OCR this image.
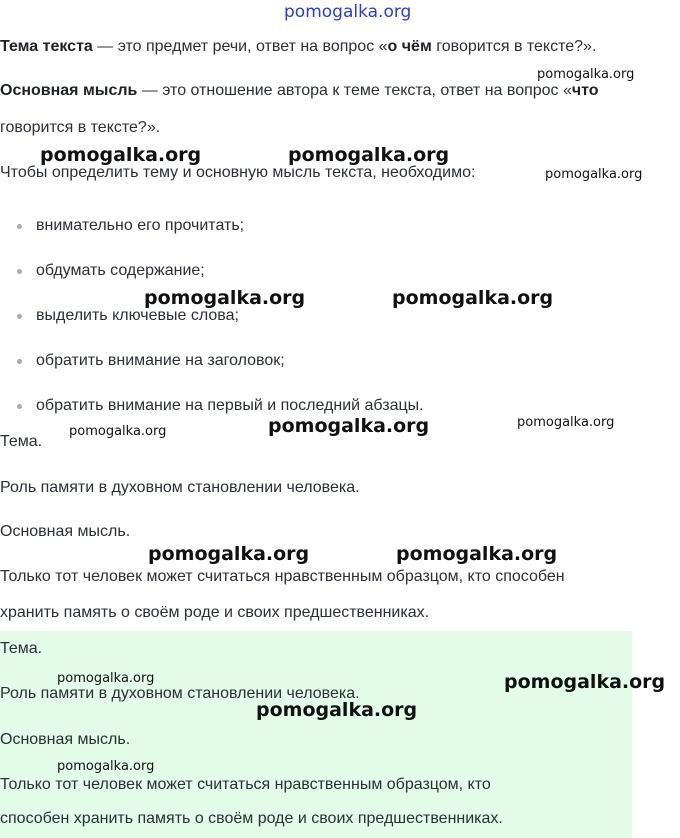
pomogalka.org
Тема текста — это предмет речи, ответ на вопрос «о чём говорится в тексте?».
Основная мысль — это отношение автора к теме текста, ответ на вопрос «что
говорится в тексте?».
Чтобы определить тему и основную мысль текста, необходимо:
внимательно его прочитать;
обдумать содержание;
выделить ключевые слова;
обратить внимание на заголовок;
обратить внимание на первый и последний абзацы.
Тема.
Роль памяти в духовном становлении человека.
Основная мысль.
Только тот человек может считаться нравственным образцом, кто способен
хранить память о своём роде и своих предшественниках.
Тема.
Роль памяти в духовном становлении человека.
Основная мысль.
Только тот человек может считаться нравственным образцом, кто
способен хранить память о своём роде и своих предшественниках.
pomogalka.org
pomogalka.org	pomogalka.org
pomogalka.org
pomogalka.org	pomogalka.org
pomogalka.org	pomogalka.org	pomogalka.org
pomogalka.org	pomogalka.org
pomogalka.org	pomogalka.org
pomogalka.org
pomogalka.org
